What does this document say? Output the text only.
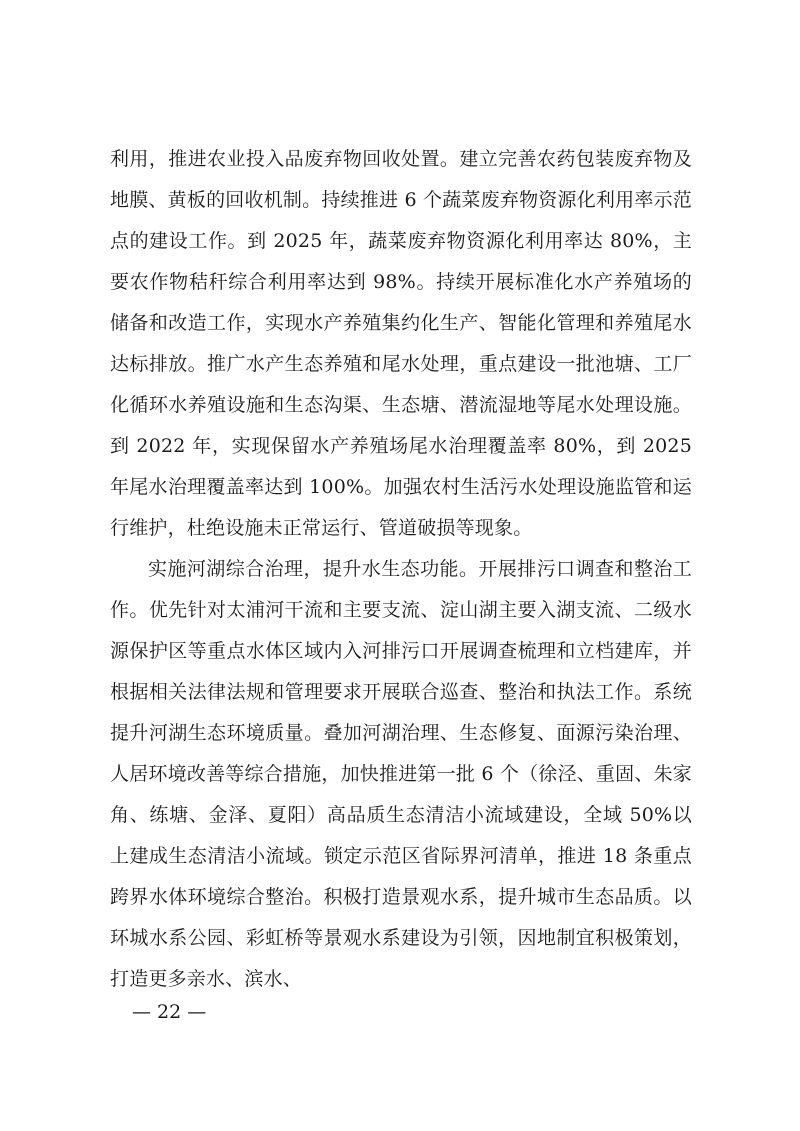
利用，推进农业投入品废弃物回收处置。建立完善农药包装废弃物及地膜、黄板的回收机制。持续推进 6 个蔬菜废弃物资源化利用率示范点的建设工作。到 2025 年，蔬菜废弃物资源化利用率达 80%，主要农作物秸秆综合利用率达到 98%。持续开展标准化水产养殖场的储备和改造工作，实现水产养殖集约化生产、智能化管理和养殖尾水达标排放。推广水产生态养殖和尾水处理，重点建设一批池塘、工厂化循环水养殖设施和生态沟渠、生态塘、潜流湿地等尾水处理设施。到 2022 年，实现保留水产养殖场尾水治理覆盖率 80%，到 2025 年尾水治理覆盖率达到 100%。加强农村生活污水处理设施监管和运行维护，杜绝设施未正常运行、管道破损等现象。

实施河湖综合治理，提升水生态功能。开展排污口调查和整治工作。优先针对太浦河干流和主要支流、淀山湖主要入湖支流、二级水源保护区等重点水体区域内入河排污口开展调查梳理和立档建库，并根据相关法律法规和管理要求开展联合巡查、整治和执法工作。系统提升河湖生态环境质量。叠加河湖治理、生态修复、面源污染治理、人居环境改善等综合措施，加快推进第一批 6 个（徐泾、重固、朱家角、练塘、金泽、夏阳）高品质生态清洁小流域建设，全域 50%以上建成生态清洁小流域。锁定示范区省际界河清单，推进 18 条重点跨界水体环境综合整治。积极打造景观水系，提升城市生态品质。以环城水系公园、彩虹桥等景观水系建设为引领，因地制宜积极策划，打造更多亲水、滨水、

— 22 —
